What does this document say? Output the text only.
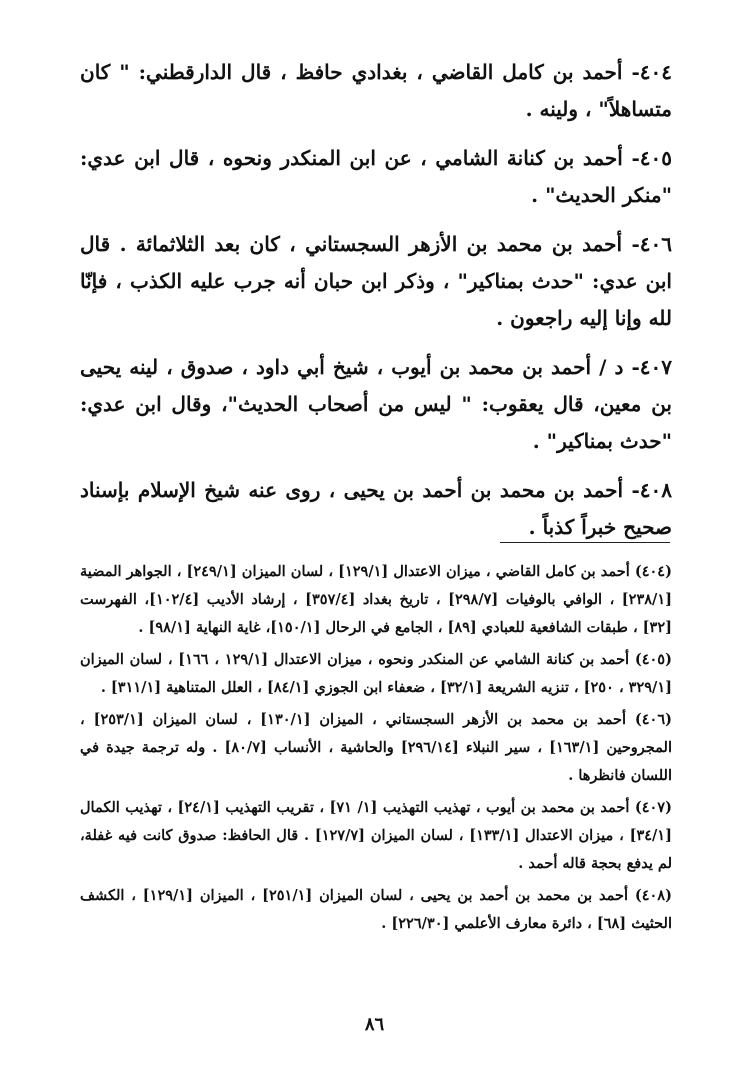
٤٠٤- أحمد بن كامل القاضي ، بغدادي حافظ ، قال الدارقطني: " كان متساهلاً" ، ولينه .

٤٠٥- أحمد بن كنانة الشامي ، عن ابن المنكدر ونحوه ، قال ابن عدي: "منكر الحديث" .

٤٠٦- أحمد بن محمد بن الأزهر السجستاني ، كان بعد الثلاثمائة . قال ابن عدي: "حدث بمناكير" ، وذكر ابن حبان أنه جرب عليه الكذب ، فإنّا لله وإنا إليه راجعون .

٤٠٧- د / أحمد بن محمد بن أيوب ، شيخ أبي داود ، صدوق ، لينه يحيى بن معين، قال يعقوب: " ليس من أصحاب الحديث"، وقال ابن عدي: "حدث بمناكير" .

٤٠٨- أحمد بن محمد بن أحمد بن يحيى ، روى عنه شيخ الإسلام بإسناد صحيح خبراً كذباً .

(٤٠٤) أحمد بن كامل القاضي ، ميزان الاعتدال [١٢٩/١] ، لسان الميزان [٢٤٩/١] ، الجواهر المضية [٢٣٨/١] ، الوافي بالوفيات [٢٩٨/٧] ، تاريخ بغداد [٣٥٧/٤] ، إرشاد الأديب [١٠٢/٤]، الفهرست [٣٢] ، طبقات الشافعية للعبادي [٨٩] ، الجامع في الرحال [١٥٠/١]، غاية النهاية [٩٨/١] .

(٤٠٥) أحمد بن كنانة الشامي عن المنكدر ونحوه ، ميزان الاعتدال [١٢٩/١ ، ١٦٦] ، لسان الميزان [٣٢٩/١ ، ٢٥٠] ، تنزيه الشريعة [٣٢/١] ، ضعفاء ابن الجوزي [٨٤/١] ، العلل المتناهية [٣١١/١] .

(٤٠٦) أحمد بن محمد بن الأزهر السجستاني ، الميزان [١٣٠/١] ، لسان الميزان [٢٥٣/١] ، المجروحين [١٦٣/١] ، سير النبلاء [٢٩٦/١٤] والحاشية ، الأنساب [٨٠/٧] . وله ترجمة جيدة في اللسان فانظرها .

(٤٠٧) أحمد بن محمد بن أيوب ، تهذيب التهذيب [١/ ٧١] ، تقريب التهذيب [٢٤/١] ، تهذيب الكمال [٣٤/١] ، ميزان الاعتدال [١٣٣/١] ، لسان الميزان [١٢٧/٧] . قال الحافظ: صدوق كانت فيه غفلة، لم يدفع بحجة قاله أحمد .

(٤٠٨) أحمد بن محمد بن أحمد بن يحيى ، لسان الميزان [٢٥١/١] ، الميزان [١٢٩/١] ، الكشف الحثيث [٦٨] ، دائرة معارف الأعلمي [٢٢٦/٣٠] .

٨٦
